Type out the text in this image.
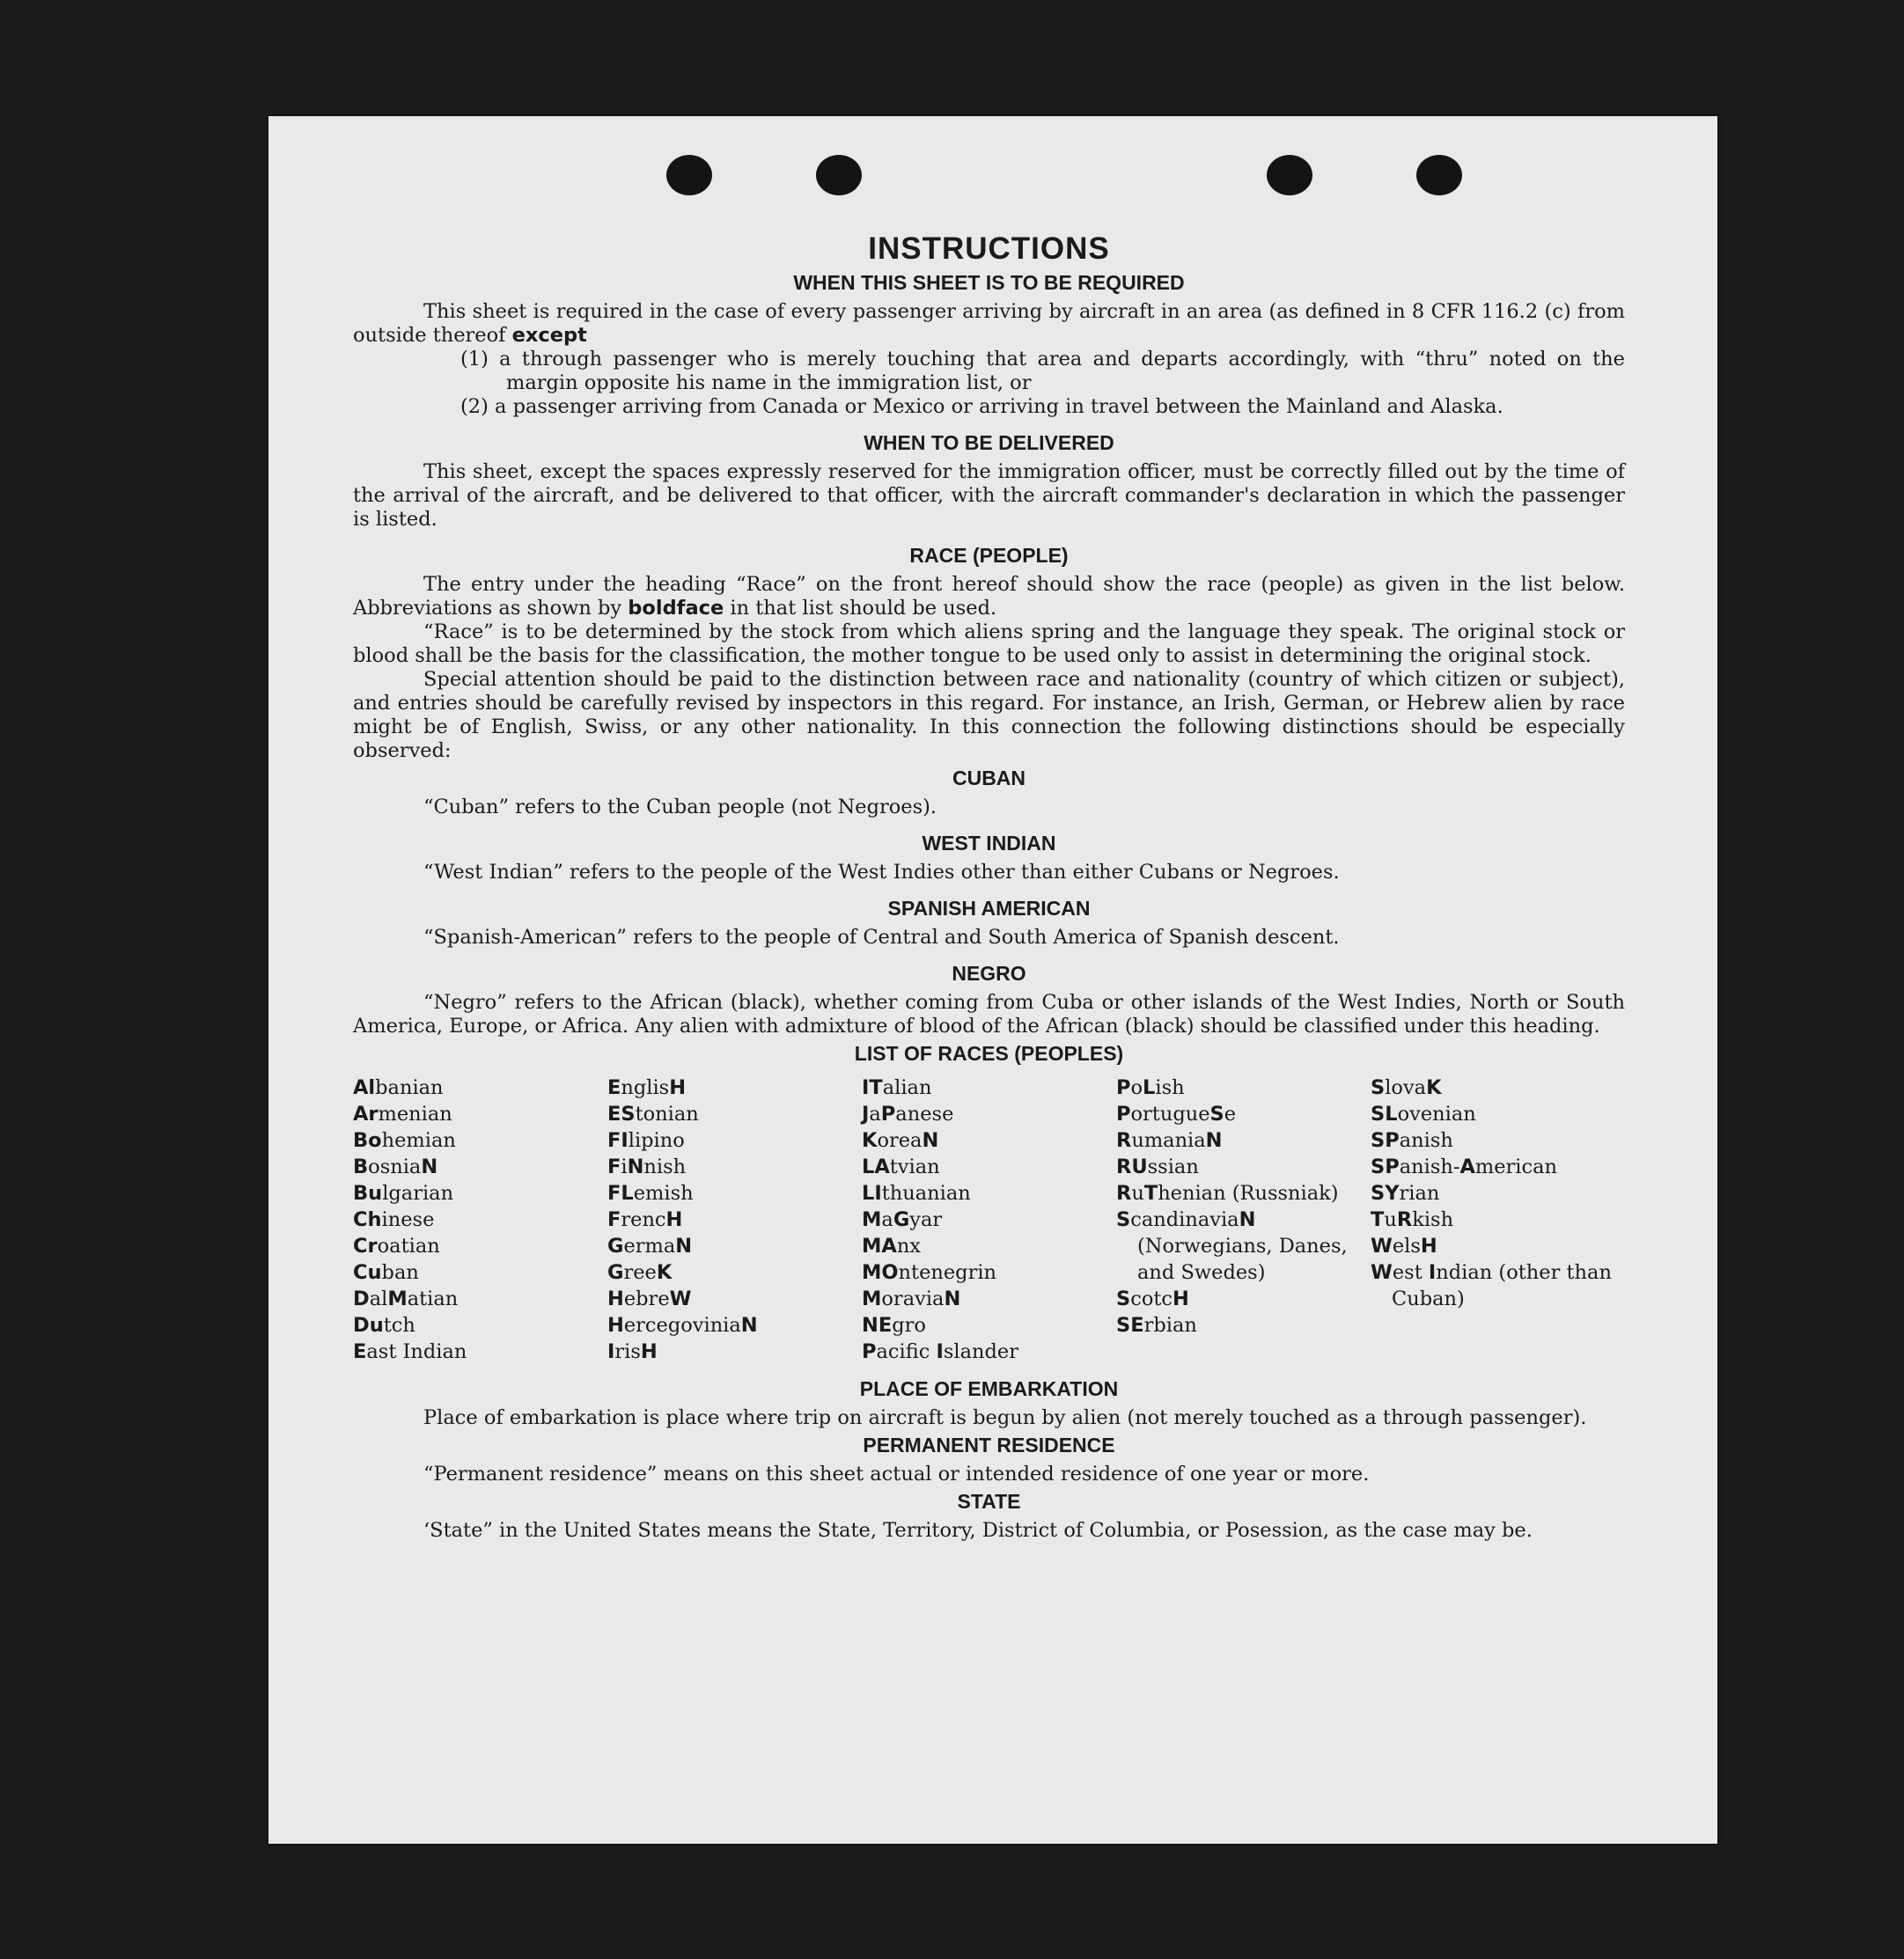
INSTRUCTIONS
WHEN THIS SHEET IS TO BE REQUIRED

This sheet is required in the case of every passenger arriving by aircraft in an area (as defined in 8 CFR 116.2 (c) from outside thereof except

(1) a through passenger who is merely touching that area and departs accordingly, with “thru” noted on the margin opposite his name in the immigration list, or

(2) a passenger arriving from Canada or Mexico or arriving in travel between the Mainland and Alaska.

WHEN TO BE DELIVERED

This sheet, except the spaces expressly reserved for the immigration officer, must be correctly filled out by the time of the arrival of the aircraft, and be delivered to that officer, with the aircraft commander's declaration in which the passenger is listed.

RACE (PEOPLE)

The entry under the heading “Race” on the front hereof should show the race (people) as given in the list below. Abbreviations as shown by boldface in that list should be used.

“Race” is to be determined by the stock from which aliens spring and the language they speak. The original stock or blood shall be the basis for the classification, the mother tongue to be used only to assist in determining the original stock.

Special attention should be paid to the distinction between race and nationality (country of which citizen or subject), and entries should be carefully revised by inspectors in this regard. For instance, an Irish, German, or Hebrew alien by race might be of English, Swiss, or any other nationality. In this connection the following distinctions should be especially observed:

CUBAN

“Cuban” refers to the Cuban people (not Negroes).

WEST INDIAN

“West Indian” refers to the people of the West Indies other than either Cubans or Negroes.

SPANISH AMERICAN

“Spanish-American” refers to the people of Central and South America of Spanish descent.

NEGRO

“Negro” refers to the African (black), whether coming from Cuba or other islands of the West Indies, North or South America, Europe, or Africa. Any alien with admixture of blood of the African (black) should be classified under this heading.

LIST OF RACES (PEOPLES)
Albanian
Armenian
Bohemian
BosniaN
Bulgarian
Chinese
Croatian
Cuban
DalMatian
Dutch
East Indian
EnglisH
EStonian
FIlipino
FiNnish
FLemish
FrencH
GermaN
GreeK
HebreW
HercegoviniaN
IrisH
ITalian
JaPanese
KoreaN
LAtvian
LIthuanian
MaGyar
MAnx
MOntenegrin
MoraviaN
NEgro
Pacific Islander
PoLish
PortugueSe
RumaniaN
RUssian
RuThenian (Russniak)
ScandinaviaN (Norwegians, Danes, and Swedes)
ScotcH
SErbian
SlovaK
SLovenian
SPanish
SPanish-American
SYrian
TuRkish
WelsH
West Indian (other than Cuban)
PLACE OF EMBARKATION

Place of embarkation is place where trip on aircraft is begun by alien (not merely touched as a through passenger).

PERMANENT RESIDENCE

“Permanent residence” means on this sheet actual or intended residence of one year or more.

STATE

‘State” in the United States means the State, Territory, District of Columbia, or Posession, as the case may be.
